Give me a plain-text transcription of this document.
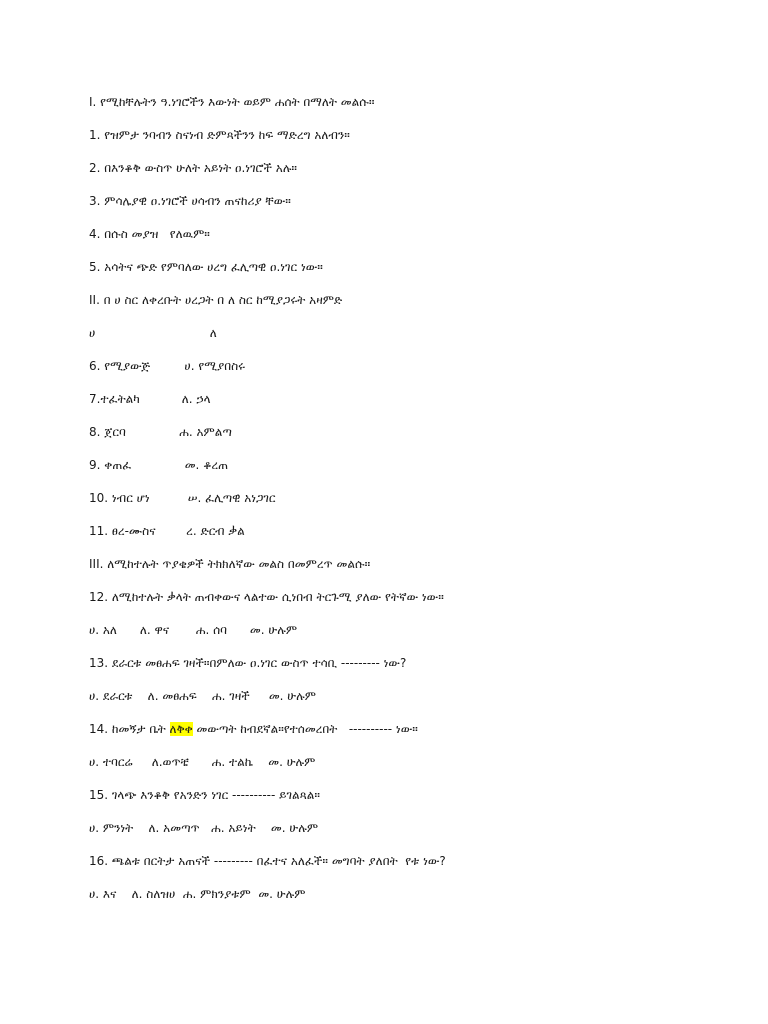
I. የሚከቸሉትን ዓ.ነገሮችን እውነት ወይም ሐሰት በማለት መልሱ።
1. የዝምታ ንባብን ስናነብ ድምጻችንን ከፍ ማድረግ አለብን።
2. በእንቆቅ ውስጥ ሁለት አይነት ዐ.ነገሮች አሉ።
3. ምሳሌያዊ ዐ.ነገሮች ሀሳብን ጠናከሪያ ቸው።
4. በሱስ መያዝ   የለዉም።
5. አሳትና ጭድ የምባለው ሀረግ ፈሊጣዊ ዐ.ነገር ነው።
II. በ ሀ ስር ለቀረቡት ሀረጋት በ ለ ስር ከሚያጋሩት አዛምድ
ሀ                              ለ
6. የሚያውጅ         ሀ. የሚያበስሩ
7.ተፈትልካ           ለ. ኃላ
8. ጀርባ              ሐ. አምልጣ
9. ቀጠፈ              መ. ቆረጠ
10. ነብር ሆነ          ሠ. ፈሊጣዊ አነጋገር
11. ፀረ-ሙስና        ረ. ድርብ ቃል
III. ለሚከተሉት ጥያቄዎች ትክክለኛው መልስ በመምረጥ መልሱ።
12. ለሚከተሉት ቃላት ጠብቀውና ላልተው ሲነበብ ትርጉሚ ያለው የትኛው ነው።
ሀ. አለ      ለ. ዋና       ሐ. ሰባ      መ. ሁሉም
13. ደራርቱ መፀሐፍ ገዛች።በምለው ዐ.ነገር ውስጥ ተሳቢ --------- ነው?
ሀ. ደራርቱ    ለ. መፀሐፍ    ሐ. ገዛች     መ. ሁሉም
14. ከመኝታ ቤት ለቅቀ መውጣት ከብደኛል።የተሰመረበት   ---------- ነው።
ሀ. ተባርሬ     ለ.ወጥቼ      ሐ. ተልኬ    መ. ሁሉም
15. ገላጭ እንቆቅ የአንድን ነገር ---------- ይገልጻል።
ሀ. ምንነት    ለ. አመጣጥ   ሐ. አይነት    መ. ሁሉም
16. ጫልቱ በርትታ አጠናች --------- በፈተና አለፈች። መግባት ያለበት  የቱ ነው?
ሀ. እና    ለ. ስለዝሀ  ሐ. ምክንያቱም  መ. ሁሉም
